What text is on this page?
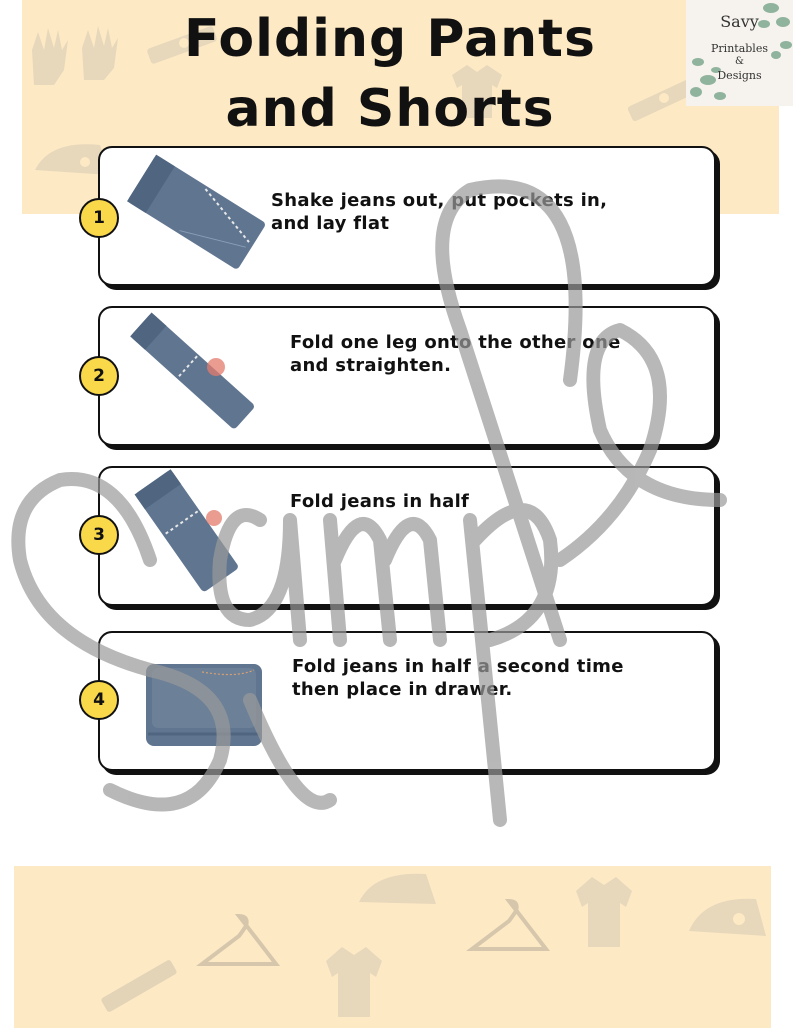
Folding Pants
and Shorts
Savy
Printables
&
Designs
Shake jeans out, put pockets in,
and lay flat
Fold one leg onto the other one
and straighten.
Fold jeans in half
Fold jeans in half a second time
then place in drawer.
1
2
3
4
